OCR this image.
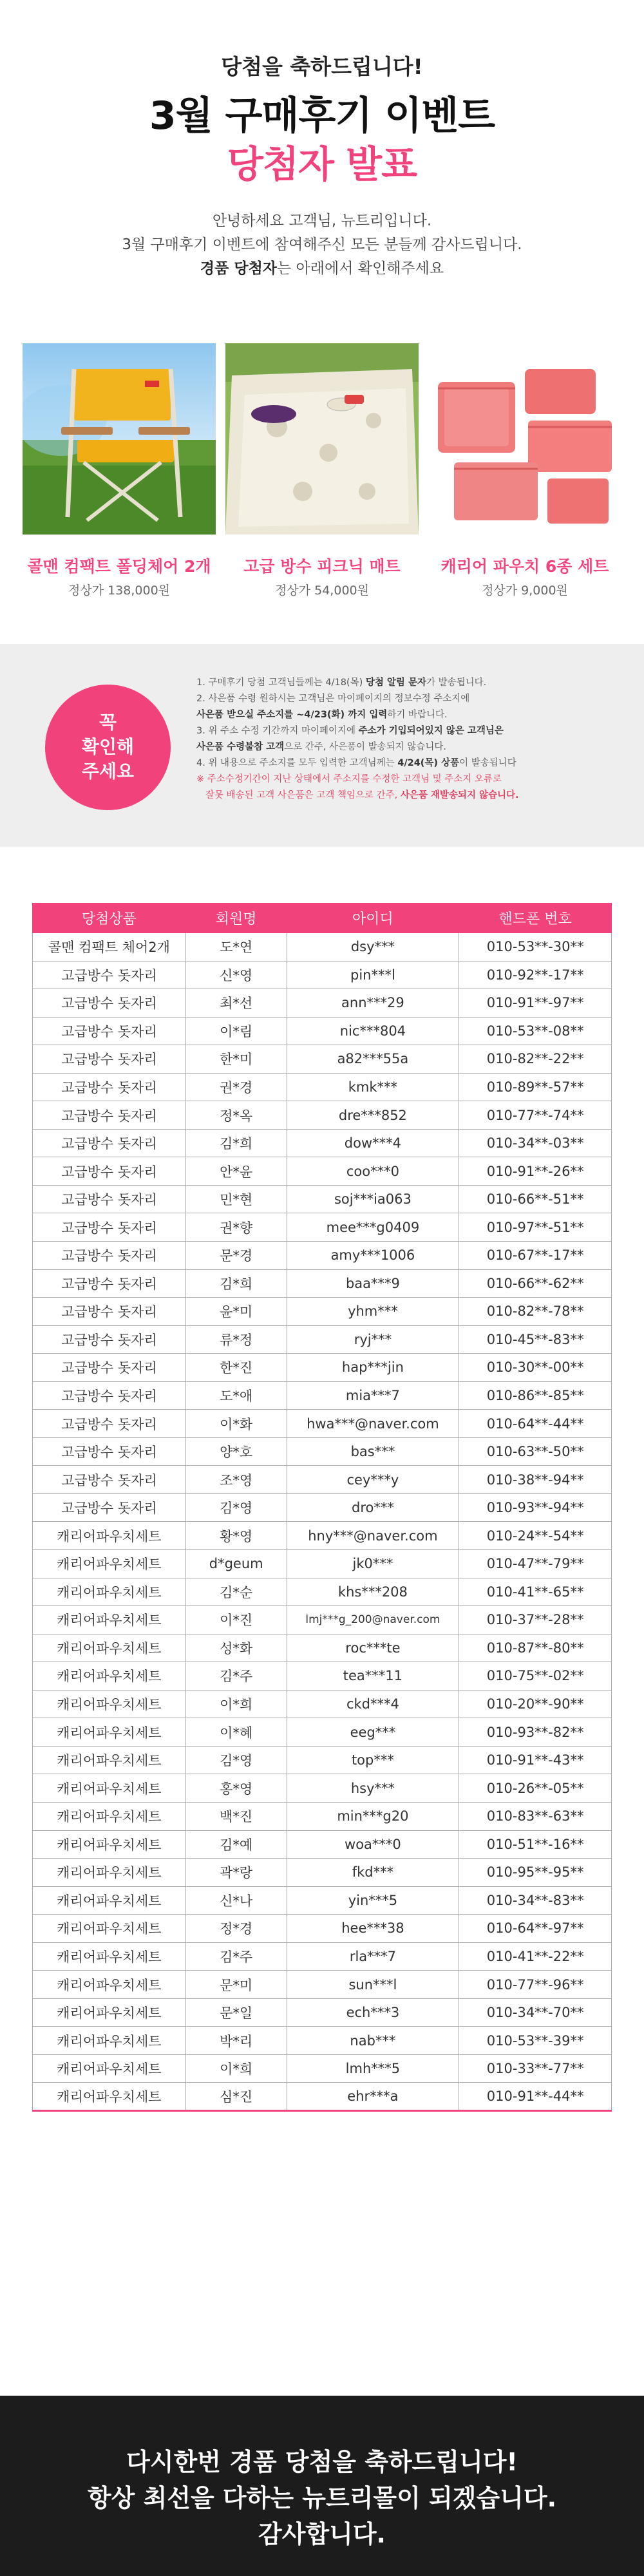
당첨을 축하드립니다!
3월 구매후기 이벤트
당첨자 발표

안녕하세요 고객님, 뉴트리입니다.

3월 구매후기 이벤트에 참여해주신 모든 분들께 감사드립니다.

경품 당첨자는 아래에서 확인해주세요

콜맨 컴팩트 폴딩체어 2개
정상가 138,000원
고급 방수 피크닉 매트
정상가 54,000원
캐리어 파우치 6종 세트
정상가 9,000원
꼭
확인해
주세요
1. 구매후기 당첨 고객님들께는 4/18(목) 당첨 알림 문자가 발송됩니다.
2. 사은품 수령 원하시는 고객님은 마이페이지의 정보수정 주소지에
사은품 받으실 주소지를 ~4/23(화) 까지 입력하기 바랍니다.
3. 위 주소 수정 기간까지 마이페이지에 주소가 기입되어있지 않은 고객님은
사은품 수령불참 고객으로 간주, 사은품이 발송되지 않습니다.
4. 위 내용으로 주소지를 모두 입력한 고객님께는 4/24(목) 상품이 발송됩니다
※ 주소수정기간이 지난 상태에서 주소지를 수정한 고객님 및 주소지 오류로
잘못 배송된 고객 사은품은 고객 책임으로 간주, 사은품 재발송되지 않습니다.
당첨상품	회원명	아이디	핸드폰 번호
콜맨 컴팩트 체어2개	도*연	dsy***	010-53**-30**
고급방수 돗자리	신*영	pin***l	010-92**-17**
고급방수 돗자리	최*선	ann***29	010-91**-97**
고급방수 돗자리	이*림	nic***804	010-53**-08**
고급방수 돗자리	한*미	a82***55a	010-82**-22**
고급방수 돗자리	권*경	kmk***	010-89**-57**
고급방수 돗자리	정*옥	dre***852	010-77**-74**
고급방수 돗자리	김*희	dow***4	010-34**-03**
고급방수 돗자리	안*윤	coo***0	010-91**-26**
고급방수 돗자리	민*현	soj***ia063	010-66**-51**
고급방수 돗자리	권*향	mee***g0409	010-97**-51**
고급방수 돗자리	문*경	amy***1006	010-67**-17**
고급방수 돗자리	김*희	baa***9	010-66**-62**
고급방수 돗자리	윤*미	yhm***	010-82**-78**
고급방수 돗자리	류*정	ryj***	010-45**-83**
고급방수 돗자리	한*진	hap***jin	010-30**-00**
고급방수 돗자리	도*애	mia***7	010-86**-85**
고급방수 돗자리	이*화	hwa***@naver.com	010-64**-44**
고급방수 돗자리	양*호	bas***	010-63**-50**
고급방수 돗자리	조*영	cey***y	010-38**-94**
고급방수 돗자리	김*영	dro***	010-93**-94**
캐리어파우치세트	황*영	hny***@naver.com	010-24**-54**
캐리어파우치세트	d*geum	jk0***	010-47**-79**
캐리어파우치세트	김*순	khs***208	010-41**-65**
캐리어파우치세트	이*진	lmj***g_200@naver.com	010-37**-28**
캐리어파우치세트	성*화	roc***te	010-87**-80**
캐리어파우치세트	김*주	tea***11	010-75**-02**
캐리어파우치세트	이*희	ckd***4	010-20**-90**
캐리어파우치세트	이*혜	eeg***	010-93**-82**
캐리어파우치세트	김*영	top***	010-91**-43**
캐리어파우치세트	홍*영	hsy***	010-26**-05**
캐리어파우치세트	백*진	min***g20	010-83**-63**
캐리어파우치세트	김*예	woa***0	010-51**-16**
캐리어파우치세트	곽*랑	fkd***	010-95**-95**
캐리어파우치세트	신*나	yin***5	010-34**-83**
캐리어파우치세트	정*경	hee***38	010-64**-97**
캐리어파우치세트	김*주	rla***7	010-41**-22**
캐리어파우치세트	문*미	sun***l	010-77**-96**
캐리어파우치세트	문*일	ech***3	010-34**-70**
캐리어파우치세트	박*리	nab***	010-53**-39**
캐리어파우치세트	이*희	lmh***5	010-33**-77**
캐리어파우치세트	심*진	ehr***a	010-91**-44**
다시한번 경품 당첨을 축하드립니다!
항상 최선을 다하는 뉴트리몰이 되겠습니다.
감사합니다.
